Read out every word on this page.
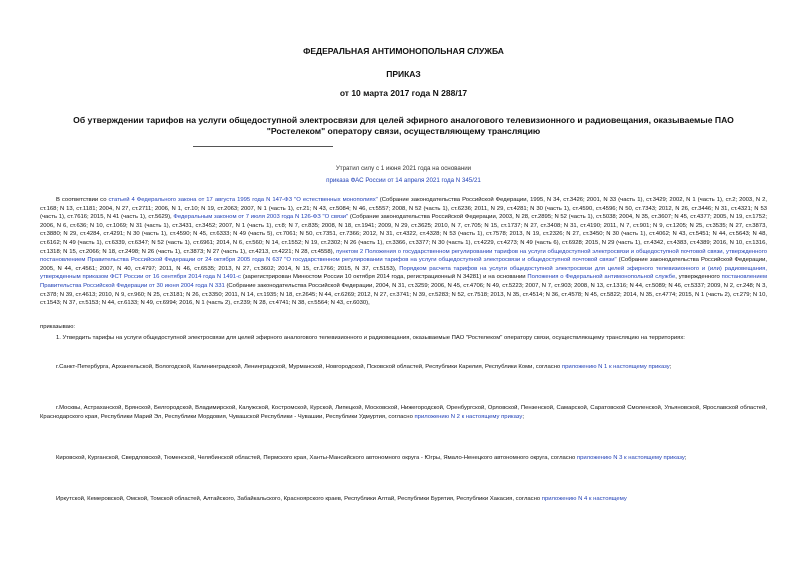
ФЕДЕРАЛЬНАЯ АНТИМОНОПОЛЬНАЯ СЛУЖБА
ПРИКАЗ
от 10 марта 2017 года N 288/17
Об утверждении тарифов на услуги общедоступной электросвязи для целей эфирного аналогового телевизионного и радиовещания, оказываемые ПАО "Ростелеком" оператору связи, осуществляющему трансляцию
Утратил силу с 1 июня 2021 года на основании
приказа ФАС России от 14 апреля 2021 года N 345/21
В соответствии со статьей 4 Федерального закона от 17 августа 1995 года N 147-ФЗ "О естественных монополиях" (Собрание законодательства Российской Федерации, 1995, N 34, ст.3426; 2001, N 33 (часть 1), ст.3429; 2002, N 1 (часть 1), ст.2; 2003, N 2, ст.168; N 13, ст.1181; 2004, N 27, ст.2711; 2006, N 1, ст.10; N 19, ст.2063; 2007, N 1 (часть 1), ст.21; N 43, ст.5084; N 46, ст.5557; 2008, N 52 (часть 1), ст.6236; 2011, N 29, ст.4281; N 30 (часть 1), ст.4590, ст.4596; N 50, ст.7343; 2012, N 26, ст.3446; N 31, ст.4321; N 53 (часть 1), ст.7616; 2015, N 41 (часть 1), ст.5629), Федеральным законом от 7 июля 2003 года N 126-ФЗ "О связи" (Собрание законодательства Российской Федерации, 2003, N 28, ст.2895; N 52 (часть 1), ст.5038; 2004, N 35, ст.3607; N 45, ст.4377; 2005, N 19, ст.1752; 2006, N 6, ст.636; N 10, ст.1069; N 31 (часть 1), ст.3431, ст.3452; 2007, N 1 (часть 1), ст.8; N 7, ст.835; 2008, N 18, ст.1941; 2009, N 29, ст.3625; 2010, N 7, ст.705; N 15, ст.1737; N 27, ст.3408; N 31, ст.4190; 2011, N 7, ст.901; N 9, ст.1205; N 25, ст.3535; N 27, ст.3873, ст.3880; N 29, ст.4284, ст.4291; N 30 (часть 1), ст.4590; N 45, ст.6333; N 49 (часть 5), ст.7061; N 50, ст.7351, ст.7366; 2012, N 31, ст.4322, ст.4328; N 53 (часть 1), ст.7578; 2013, N 19, ст.2326; N 27, ст.3450; N 30 (часть 1), ст.4062; N 43, ст.5451; N 44, ст.5643; N 48, ст.6162; N 49 (часть 1), ст.6339, ст.6347; N 52 (часть 1), ст.6961; 2014, N 6, ст.560; N 14, ст.1552; N 19, ст.2302; N 26 (часть 1), ст.3366, ст.3377; N 30 (часть 1), ст.4229, ст.4273; N 49 (часть 6), ст.6928; 2015, N 29 (часть 1), ст.4342, ст.4383, ст.4389; 2016, N 10, ст.1316, ст.1318; N 15, ст.2066; N 18, ст.2498; N 26 (часть 1), ст.3873; N 27 (часть 1), ст.4213, ст.4221; N 28, ст.4558), пунктом 2 Положения о государственном регулировании тарифов на услуги общедоступной электросвязи и общедоступной почтовой связи, утвержденного постановлением Правительства Российской Федерации от 24 октября 2005 года N 637 "О государственном регулировании тарифов на услуги общедоступной электросвязи и общедоступной почтовой связи" (Собрание законодательства Российской Федерации, 2005, N 44, ст.4561; 2007, N 40, ст.4797; 2011, N 46, ст.6535; 2013, N 27, ст.3602; 2014, N 15, ст.1766; 2015, N 37, ст.5153), Порядком расчета тарифов на услуги общедоступной электросвязи для целей эфирного телевизионного и (или) радиовещания, утвержденным приказом ФСТ России от 16 сентября 2014 года N 1491-с (зарегистрирован Минюстом России 10 октября 2014 года, регистрационный N 34281) и на основании Положения о Федеральной антимонопольной службе, утвержденного постановлением Правительства Российской Федерации от 30 июня 2004 года N 331 (Собрание законодательства Российской Федерации, 2004, N 31, ст.3259; 2006, N 45, ст.4706; N 49, ст.5223; 2007, N 7, ст.903; 2008, N 13, ст.1316; N 44, ст.5089; N 46, ст.5337; 2009, N 2, ст.248; N 3, ст.378; N 39, ст.4613; 2010, N 9, ст.960; N 25, ст.3181; N 26, ст.3350; 2011, N 14, ст.1935; N 18, ст.2645; N 44, ст.6269; 2012, N 27, ст.3741; N 39, ст.5283; N 52, ст.7518; 2013, N 35, ст.4514; N 36, ст.4578; N 45, ст.5822; 2014, N 35, ст.4774; 2015, N 1 (часть 2), ст.279; N 10, ст.1543; N 37, ст.5153; N 44, ст.6133; N 49, ст.6994; 2016, N 1 (часть 2), ст.239; N 28, ст.4741; N 38, ст.5564; N 43, ст.6030),
приказываю:
1. Утвердить тарифы на услуги общедоступной электросвязи для целей эфирного аналогового телевизионного и радиовещания, оказываемые ПАО "Ростелеком" оператору связи, осуществляющему трансляцию на территориях:
г.Санкт-Петербурга, Архангельской, Вологодской, Калининградской, Ленинградской, Мурманской, Новгородской, Псковской областей, Республики Карелия, Республики Коми, согласно приложению N 1 к настоящему приказу;
г.Москвы, Астраханской, Брянской, Белгородской, Владимирской, Калужской, Костромской, Курской, Липецкой, Московской, Нижегородской, Оренбургской, Орловской, Пензенской, Самарской, Саратовской Смоленской, Ульяновской, Ярославской областей, Краснодарского края, Республики Марий Эл, Республики Мордовия, Чувашской Республики - Чувашии, Республики Удмуртия, согласно приложению N 2 к настоящему приказу;
Кировской, Курганской, Свердловской, Тюменской, Челябинской областей, Пермского края, Ханты-Мансийского автономного округа - Югры, Ямало-Ненецкого автономного округа, согласно приложению N 3 к настоящему приказу;
Иркутской, Кемеровской, Омской, Томской областей, Алтайского, Забайкальского, Красноярского краев, Республики Алтай, Республики Бурятия, Республики Хакасия, согласно приложению N 4 к настоящему
